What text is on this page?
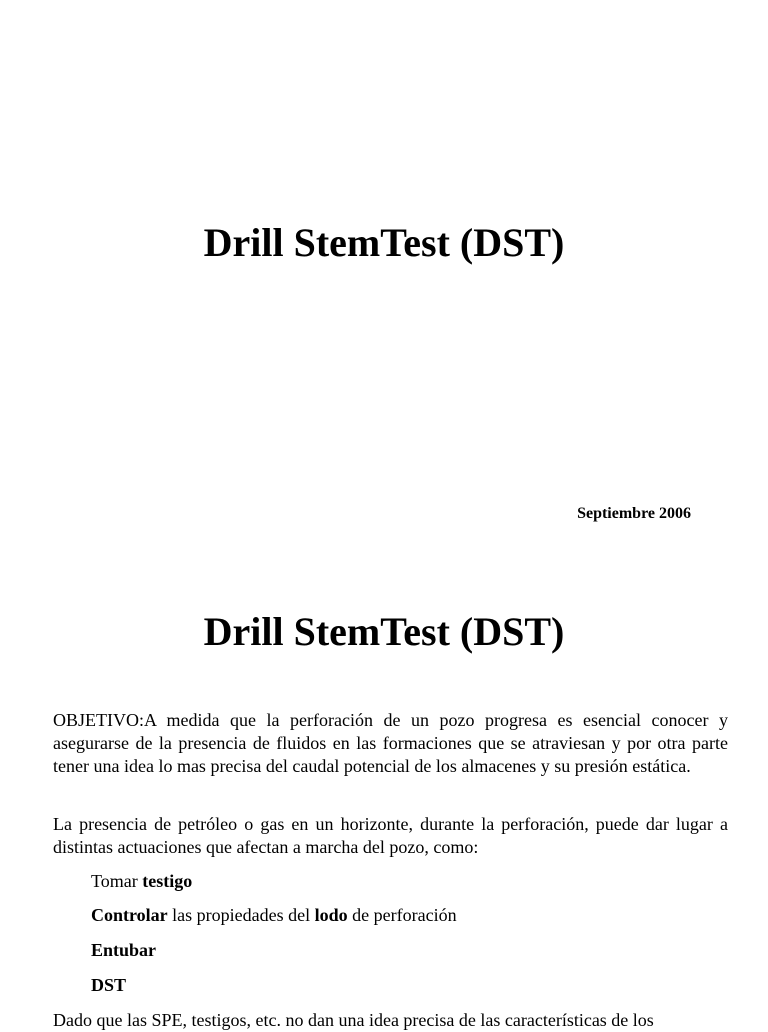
Drill StemTest (DST)

Septiembre 2006

Drill StemTest (DST)

OBJETIVO:A medida que la perforación de un pozo progresa es esencial conocer y asegurarse de la presencia de fluidos en las formaciones que se atraviesan y por otra parte tener una idea lo mas precisa del caudal potencial de los almacenes y su presión estática.

La presencia de petróleo o gas en un horizonte, durante la perforación, puede dar lugar a distintas actuaciones que afectan a marcha del pozo, como:

Tomar testigo

Controlar las propiedades del lodo de perforación

Entubar

DST

Dado que las SPE, testigos, etc. no dan una idea precisa de las características de los
